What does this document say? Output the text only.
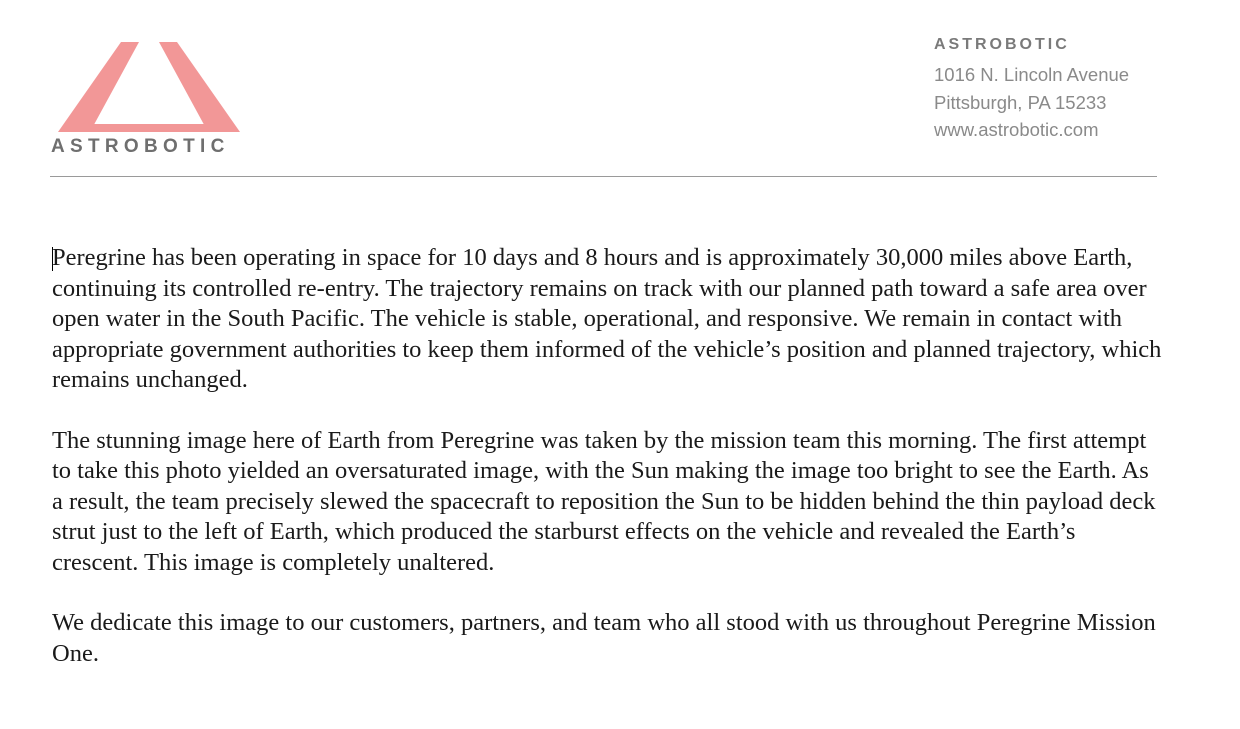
ASTROBOTIC
ASTROBOTIC
1016 N. Lincoln Avenue
Pittsburgh, PA 15233
www.astrobotic.com

Peregrine has been operating in space for 10 days and 8 hours and is approximately 30,000 miles above Earth, continuing its controlled re-entry. The trajectory remains on track with our planned path toward a safe area over open water in the South Pacific. The vehicle is stable, operational, and responsive. We remain in contact with appropriate government authorities to keep them informed of the vehicle’s position and planned trajectory, which remains unchanged.

The stunning image here of Earth from Peregrine was taken by the mission team this morning. The first attempt to take this photo yielded an oversaturated image, with the Sun making the image too bright to see the Earth. As a result, the team precisely slewed the spacecraft to reposition the Sun to be hidden behind the thin payload deck strut just to the left of Earth, which produced the starburst effects on the vehicle and revealed the Earth’s crescent. This image is completely unaltered.

We dedicate this image to our customers, partners, and team who all stood with us throughout Peregrine Mission One.
